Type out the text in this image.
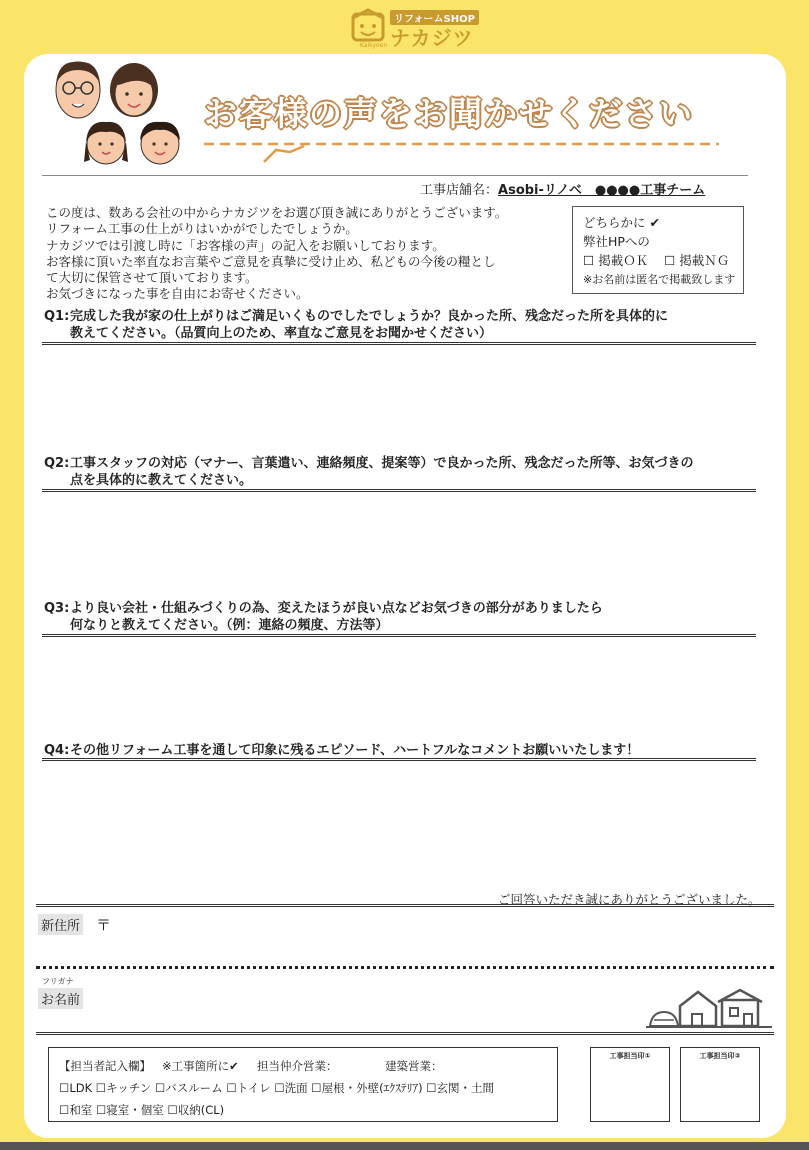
リフォームSHOP
ナカジツ
Kaikyoen
お客様の声をお聞かせください
工事店舗名：Asobi-リノベ　●●●●工事チーム
この度は、数ある会社の中からナカジツをお選び頂き誠にありがとうございます。
リフォーム工事の仕上がりはいかがでしたでしょうか。
ナカジツでは引渡し時に「お客様の声」の記入をお願いしております。
お客様に頂いた率直なお言葉やご意見を真摯に受け止め、私どもの今後の糧とし
て大切に保管させて頂いております。
お気づきになった事を自由にお寄せください。
どちらかに ✔
弊社HPへの
☐ 掲載ＯＫ ☐ 掲載ＮＧ
※お名前は匿名で掲載致します
Q1: 完成した我が家の仕上がりはご満足いくものでしたでしょうか？良かった所、残念だった所を具体的に
教えてください。（品質向上のため、率直なご意見をお聞かせください）
Q2: 工事スタッフの対応（マナー、言葉遣い、連絡頻度、提案等）で良かった所、残念だった所等、お気づきの
点を具体的に教えてください。
Q3: より良い会社・仕組みづくりの為、変えたほうが良い点などお気づきの部分がありましたら
何なりと教えてください。（例：連絡の頻度、方法等）
Q4: その他リフォーム工事を通して印象に残るエピソード、ハートフルなコメントお願いいたします！
ご回答いただき誠にありがとうございました。
新住所 〒
フリガナ
お名前
【担当者記入欄】 ※工事箇所に✔ 担当仲介営業：	建築営業：
☐LDK ☐キッチン ☐バスルーム ☐トイレ ☐洗面 ☐屋根・外壁(ｴｸｽﾃﾘｱ) ☐玄関・土間
☐和室 ☐寝室・個室 ☐収納(CL)
工事担当印①	工事担当印②
